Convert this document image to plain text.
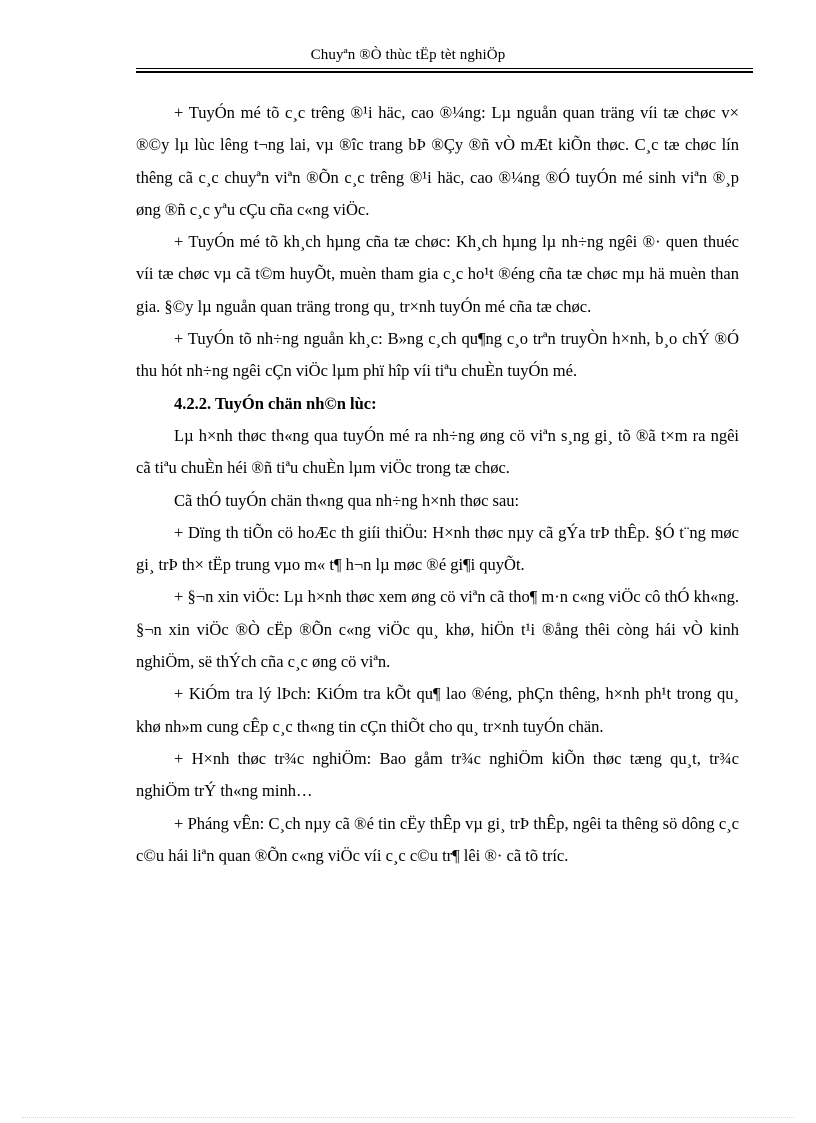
Chuyªn ®Ò thùc tËp tèt nghiÖp

+ TuyÓn mé tõ c¸c trêng ®¹i häc, cao ®¼ng: Lµ nguån quan träng víi tæ chøc v× ®©y lµ lùc lêng t¬ng lai, vµ ®îc trang bÞ ®Çy ®ñ vÒ mÆt kiÕn thøc. C¸c tæ chøc lín thêng cã c¸c chuyªn viªn ®Õn c¸c trêng ®¹i häc, cao ®¼ng ®Ó tuyÓn mé sinh viªn ®¸p øng ®ñ c¸c yªu cÇu cña c«ng viÖc.

+ TuyÓn mé tõ kh¸ch hµng cña tæ chøc: Kh¸ch hµng lµ nh÷ng ngêi ®· quen thuéc víi tæ chøc vµ cã t©m huyÕt, muèn tham gia c¸c ho¹t ®éng cña tæ chøc mµ hä muèn than gia. §©y lµ nguån quan träng trong qu¸ tr×nh tuyÓn mé cña tæ chøc.

+ TuyÓn tõ nh÷ng nguån kh¸c: B»ng c¸ch qu¶ng c¸o trªn truyÒn h×nh, b¸o chÝ ®Ó thu hót nh÷ng ngêi cÇn viÖc lµm phï hîp víi tiªu chuÈn tuyÓn mé.

4.2.2. TuyÓn chän nh©n lùc:

Lµ h×nh thøc th«ng qua tuyÓn mé ra nh÷ng øng cö viªn s¸ng gi¸ tõ ®ã t×m ra ngêi cã tiªu chuÈn héi ®ñ tiªu chuÈn lµm viÖc trong tæ chøc.

Cã thÓ tuyÓn chän th«ng qua nh÷ng h×nh thøc sau:

+ Dïng th tiÕn cö hoÆc th giíi thiÖu: H×nh thøc nµy cã gÝa trÞ thÊp. §Ó t¨ng møc gi¸ trÞ th× tËp trung vµo m« t¶ h¬n lµ møc ®é gi¶i quyÕt.

+ §¬n xin viÖc: Lµ h×nh thøc xem øng cö viªn cã tho¶ m·n c«ng viÖc cô thÓ kh«ng. §¬n xin viÖc ®Ò cËp ®Õn c«ng viÖc qu¸ khø, hiÖn t¹i ®ång thêi còng hái vÒ kinh nghiÖm, së thÝch cña c¸c øng cö viªn.

+ KiÓm tra lý lÞch: KiÓm tra kÕt qu¶ lao ®éng, phÇn thêng, h×nh ph¹t trong qu¸ khø nh»m cung cÊp c¸c th«ng tin cÇn thiÕt cho qu¸ tr×nh tuyÓn chän.

+ H×nh thøc tr¾c nghiÖm: Bao gåm tr¾c nghiÖm kiÕn thøc tæng qu¸t, tr¾c nghiÖm trÝ th«ng minh…

+ Pháng vÊn: C¸ch nµy cã ®é tin cËy thÊp vµ gi¸ trÞ thÊp, ngêi ta thêng sö dông c¸c c©u hái liªn quan ®Õn c«ng viÖc víi c¸c c©u tr¶ lêi ®· cã tõ tríc.
